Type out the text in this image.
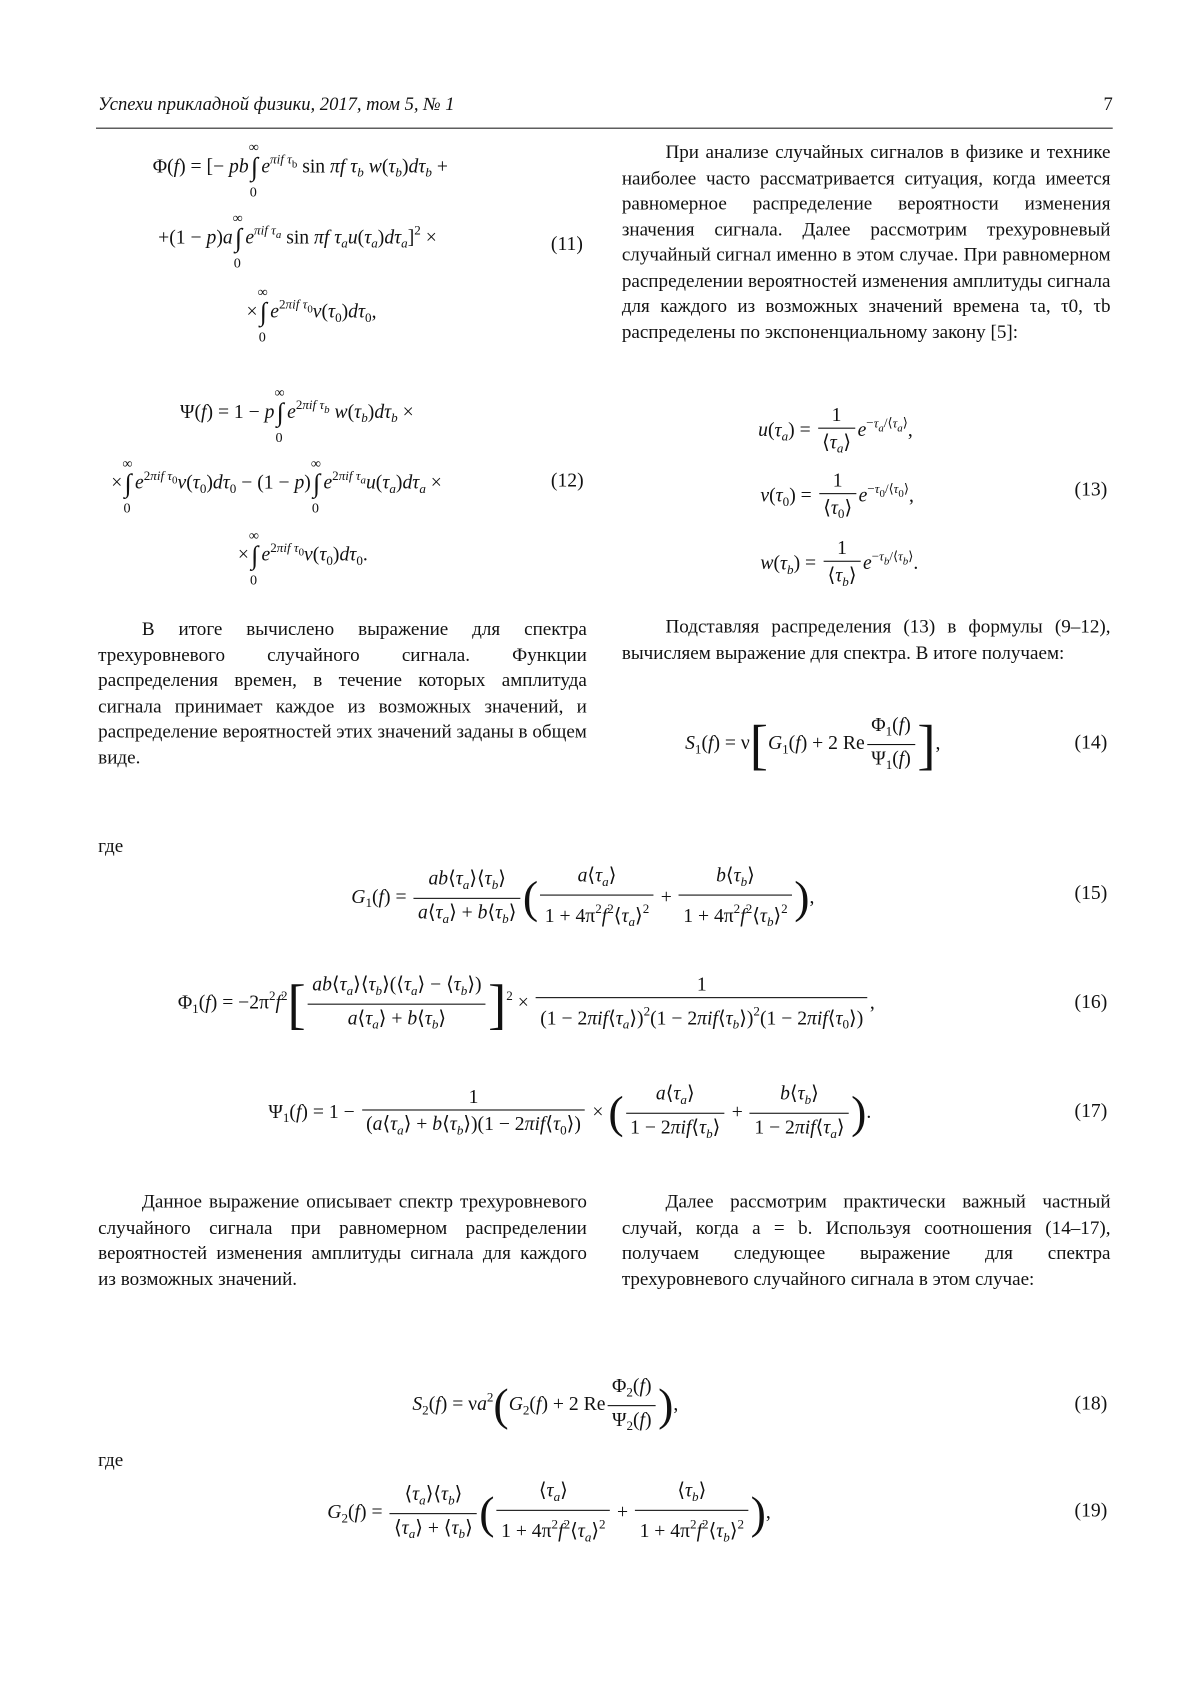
Успехи прикладной физики, 2017, том 5, № 1	7
Φ(f) = [− pb∫
∞
0
$e^{\pi if \tau_b}$ sin πf $\tau_b$ $w(\tau_b)d\tau_b$ +
+(1 − p)a∫
∞
0
$e^{\pi if \tau_a}$ sin πf $\tau_au(\tau_a)d\tau_a]^2$ ×	(11)
×∫
∞
0
$e^{2\pi if \tau_0}v(\tau_0)d\tau_0$,
Ψ(f) = 1 − p∫
∞
0
$e^{2\pi if \tau_b}$ $w(\tau_b)d\tau_b$ ×
×∫
∞
0
$e^{2\pi if \tau_0}v(\tau_0)d\tau_0 - (1 - p)\int$
∞
0
$e^{2\pi if \tau_a}u(\tau_a)d\tau_a$ ×	(12)
×∫
∞
0
$e^{2\pi if \tau_0}v(\tau_0)d\tau_0$.
В итоге вычислено выражение для спектра трехуровневого случайного сигнала. Функции распределения времен, в течение которых амплитуда сигнала принимает каждое из возможных значений, и распределение вероятностей этих значений заданы в общем виде.
При анализе случайных сигналов в физике и технике наиболее часто рассматривается ситуация, когда имеется равномерное распределение вероятности изменения значения сигнала. Далее рассмотрим трехуровневый случайный сигнал именно в этом случае. При равномерном распределении вероятностей изменения амплитуды сигнала для каждого из возможных значений времена τa, τ0, τb распределены по экспоненциальному закону [5]:
$u(\tau_a) = \frac{1}{⟨\tau_a⟩} e^{-\tau_a/⟨\tau_a⟩}$,
$v(\tau_0) = \frac{1}{⟨\tau_0⟩} e^{-\tau_0/⟨\tau_0⟩}$,	(13)
$w(\tau_b) = \frac{1}{⟨\tau_b⟩} e^{-\tau_b/⟨\tau_b⟩}$.
Подставляя распределения (13) в формулы (9–12), вычисляем выражение для спектра. В итоге получаем:
$S_1(f) = \nu[G_1(f) + 2$ Re $\frac{\Phi_1(f)}{\Psi_1(f)}$ ],	(14)
где
$G_1(f) = \frac{ab⟨\tau_a⟩⟨\tau_b⟩}{a⟨\tau_a⟩ + b⟨\tau_b⟩}$ ( $\frac{a⟨\tau_a⟩}{1 + 4\pi^2f^2⟨\tau_a⟩^2} + \frac{b⟨\tau_b⟩}{1 + 4\pi^2f^2⟨\tau_b⟩^2}$ ),	(15)
$\Phi_1(f) = -2\pi^2f^2[ \frac{ab⟨\tau_a⟩⟨\tau_b⟩(⟨\tau_a⟩ - ⟨\tau_b⟩)}{a⟨\tau_a⟩ + b⟨\tau_b⟩} ]^2 \times \frac{1}{(1 - 2\pi if⟨\tau_a⟩)^2(1 - 2\pi if⟨\tau_b⟩)^2(1 - 2\pi if⟨\tau_0⟩)}$ ,	(16)
$\Psi_1(f) = 1 - \frac{1}{(a⟨\tau_a⟩ + b⟨\tau_b⟩)(1 - 2\pi if⟨\tau_0⟩)}$ × ( $\frac{a⟨\tau_a⟩}{1 - 2\pi if⟨\tau_b⟩} + \frac{b⟨\tau_b⟩}{1 - 2\pi if⟨\tau_a⟩}$ ).	(17)
Данное выражение описывает спектр трехуровневого случайного сигнала при равномерном распределении вероятностей изменения амплитуды сигнала для каждого из возможных значений.
Далее рассмотрим практически важный частный случай, когда a = b. Используя соотношения (14–17), получаем следующее выражение для спектра трехуровневого случайного сигнала в этом случае:
$S_2(f) = \nu a^2(G_2(f) + 2$ Re $\frac{\Phi_2(f)}{\Psi_2(f)}$ ),	(18)
где
$G_2(f) = \frac{⟨\tau_a⟩⟨\tau_b⟩}{⟨\tau_a⟩ + ⟨\tau_b⟩}$ ( $\frac{⟨\tau_a⟩}{1 + 4\pi^2f^2⟨\tau_a⟩^2} + \frac{⟨\tau_b⟩}{1 + 4\pi^2f^2⟨\tau_b⟩^2}$ ),	(19)
